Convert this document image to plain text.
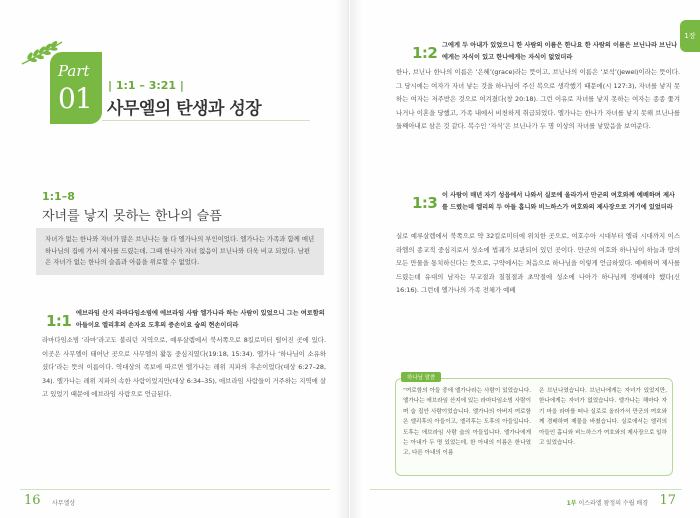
Part
01 | 1:1 – 3:21 |
사무엘의 탄생과 성장
1:1–8
자녀를 낳지 못하는 한나의 슬픔
자녀가 없는 한나와 자녀가 많은 브닌나는 둘 다 엘가나의 부인이었다. 엘가나는 가족과 함께 매년 하나님의 집에 가서 제사를 드렸는데, 그때 한나가 자녀 없음이 브닌나와 더욱 비교 되었다. 남편은 자녀가 없는 한나의 슬픔과 아픔을 위로할 수 없었다.
1:1 에브라임 산지 라마다임소빔에 에브라임 사람 엘가나라 하는 사람이 있었으니 그는 여로함의 아들이요 엘리후의 손자요 도후의 증손이요 숩의 현손이더라
라마다임소빔 ‘라마’라고도 불리던 지역으로, 예루살렘에서 북서쪽으로 8킬로미터 떨어진 곳에 있다. 이곳은 사무엘이 태어난 곳으로 사무엘의 활동 중심지였다(19:18, 15:34). 엘가나 ‘하나님이 소유하셨다’라는 뜻의 이름이다. 역대상의 족보에 따르면 엘가나는 레위 지파의 후손이었다(대상 6:27–28, 34). 엘가나는 레위 지파의 속한 사람이었지만(대상 6:34–35), 에브라임 사람들이 거주하는 지역에 살고 있었기 때문에 에브라임 사람으로 언급된다.
16 사무엘상
1장
1:2 그에게 두 아내가 있었으니 한 사람의 이름은 한나요 한 사람의 이름은 브닌나라 브닌나에게는 자식이 있고 한나에게는 자식이 없었더라
한나, 브닌나 한나의 이름은 ‘은혜’(grace)라는 뜻이고, 브닌나의 이름은 ‘보석’(jewel)이라는 뜻이다. 그 당시에는 여자가 자녀 낳는 것을 하나님이 주신 복으로 생각했기 때문에(시 127:3), 자녀를 낳지 못하는 여자는 저주받은 것으로 여겨졌다(창 20:18). 그런 이유로 자녀를 낳지 못하는 여자는 종종 쫓겨나거나 이혼을 당했고, 가족 내에서 비천하게 취급되었다. 엘가나는 한나가 자녀를 낳지 못해 브닌나를 둘째아내로 삼은 것 같다. 복수인 ‘자식’은 브닌나가 두 명 이상의 자녀를 낳았음을 보여준다.
1:3 이 사람이 매년 자기 성읍에서 나와서 실로에 올라가서 만군의 여호와께 예배하며 제사를 드렸는데 엘리의 두 아들 홉니와 비느하스가 여호와의 제사장으로 거기에 있었더라
실로 예루살렘에서 북쪽으로 약 32킬로미터에 위치한 곳으로, 여호수아 시대부터 엘리 시대까지 이스라엘의 종교적 중심지로서 성소에 법궤가 보관되어 있던 곳이다. 만군의 여호와 하나님이 하늘과 땅의 모든 만물을 통치하신다는 뜻으로, 구약에서는 처음으로 하나님을 이렇게 언급하였다. 예배하며 제사를 드렸는데 유대의 남자는 무교절과 칠칠절과 초막절에 성소에 나아가 하나님께 경배해야 했다(신 16:16). 그런데 엘가나의 가족 전체가 예배
하나님 말씀
“여로함의 아들 중에 엘가나라는 사람이 있었습니다. 엘가나는 에브라임 산지에 있는 라마다임소빔 사람이며 숩 집안 사람이었습니다. 엘가나의 아버지 여로함은 엘리후의 아들이고, 엘리후는 도후의 아들입니다. 도후는 에브라임 사람 숩의 아들입니다. 엘가나에게는 아내가 두 명 있었는데, 한 아내의 이름은 한나였고, 다른 아내의 이름
은 브닌나였습니다. 브닌나에게는 자녀가 있었지만, 한나에게는 자녀가 없었습니다. 엘가나는 해마다 자기 마을 라마를 떠나 실로로 올라가서 만군의 여호와께 경배하며 제물을 바쳤습니다. 실로에서는 엘리의 아들인 홉니와 비느하스가 여호와의 제사장으로 일하고 있었습니다.
1부 이스라엘 왕정의 수립 배경 17
